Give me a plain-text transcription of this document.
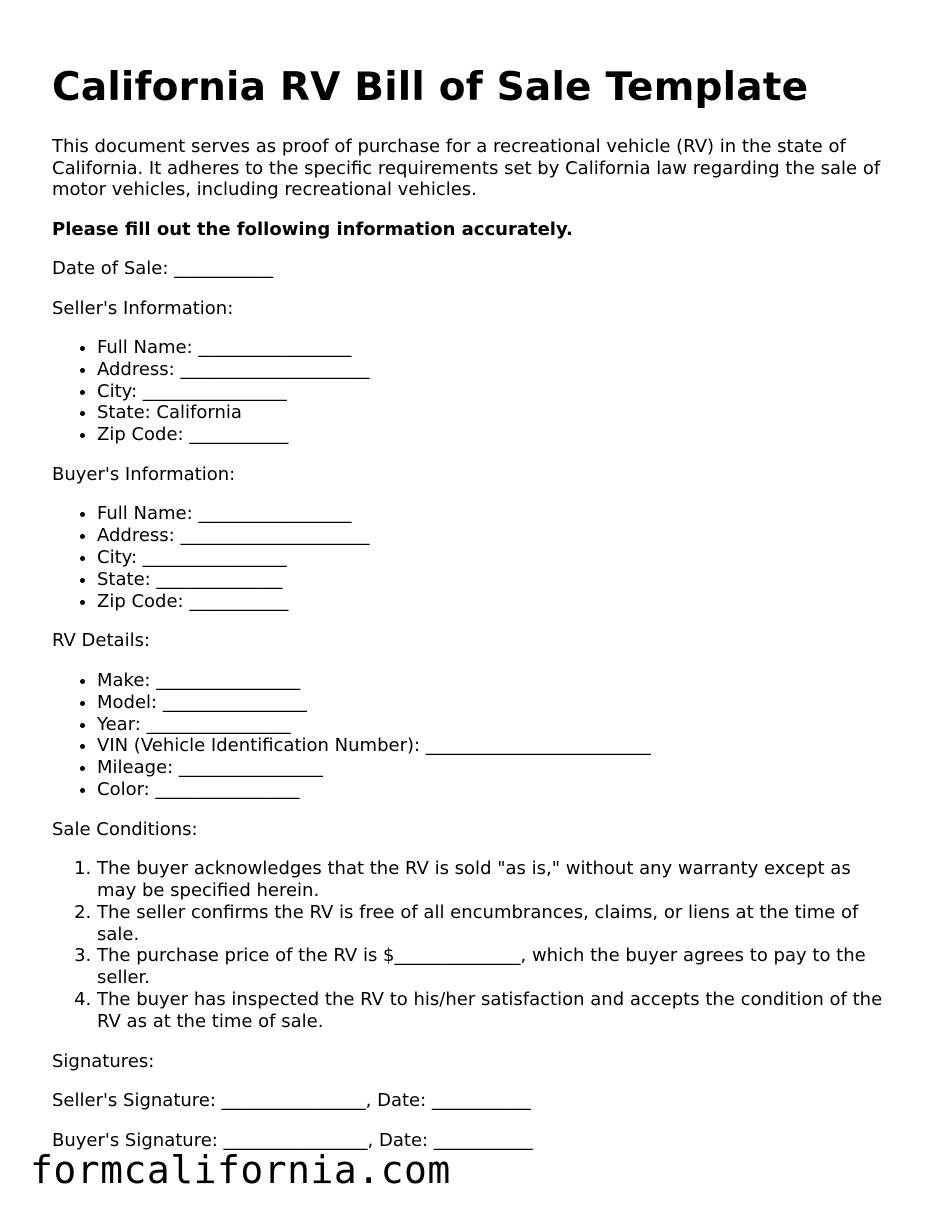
California RV Bill of Sale Template

This document serves as proof of purchase for a recreational vehicle (RV) in the state of California. It adheres to the specific requirements set by California law regarding the sale of motor vehicles, including recreational vehicles.

Please fill out the following information accurately.

Date of Sale: ___________

Seller's Information:

• Full Name: _________________
• Address: _____________________
• City: ________________
• State: California
• Zip Code: ___________

Buyer's Information:

• Full Name: _________________
• Address: _____________________
• City: ________________
• State: ______________
• Zip Code: ___________

RV Details:

• Make: ________________
• Model: ________________
• Year: ________________
• VIN (Vehicle Identification Number): _________________________
• Mileage: ________________
• Color: ________________

Sale Conditions:

1. The buyer acknowledges that the RV is sold "as is," without any warranty except as may be specified herein.
2. The seller confirms the RV is free of all encumbrances, claims, or liens at the time of sale.
3. The purchase price of the RV is $______________, which the buyer agrees to pay to the seller.
4. The buyer has inspected the RV to his/her satisfaction and accepts the condition of the RV as at the time of sale.

Signatures:

Seller's Signature: ________________, Date: ___________

Buyer's Signature: ________________, Date: ___________

formcalifornia.com
